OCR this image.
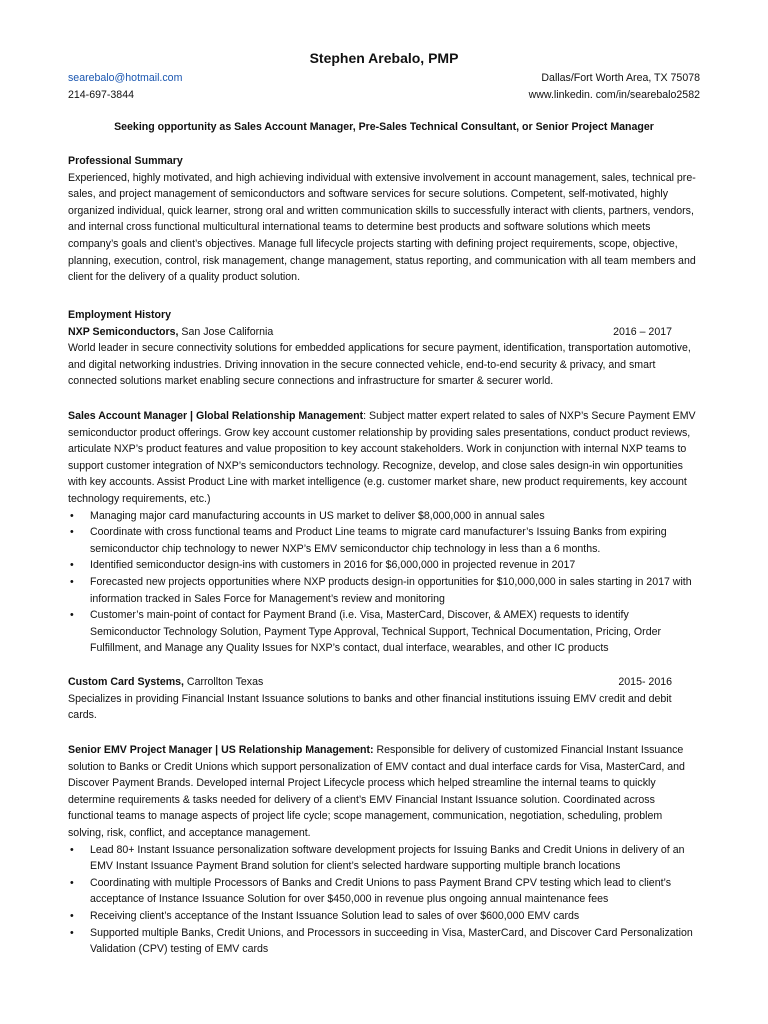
Stephen Arebalo, PMP
searebalo@hotmail.com	Dallas/Fort Worth Area, TX 75078
214-697-3844	www.linkedin. com/in/searebalo2582
Seeking opportunity as Sales Account Manager, Pre-Sales Technical Consultant, or Senior Project Manager
Professional Summary

Experienced, highly motivated, and high achieving individual with extensive involvement in account management, sales, technical pre-sales, and project management of semiconductors and software services for secure solutions. Competent, self-motivated, highly organized individual, quick learner, strong oral and written communication skills to successfully interact with clients, partners, vendors, and internal cross functional multicultural international teams to determine best products and software solutions which meets company’s goals and client’s objectives. Manage full lifecycle projects starting with defining project requirements, scope, objective, planning, execution, control, risk management, change management, status reporting, and communication with all team members and client for the delivery of a quality product solution.

Employment History
NXP Semiconductors, San Jose California	2016 – 2017

World leader in secure connectivity solutions for embedded applications for secure payment, identification, transportation automotive, and digital networking industries. Driving innovation in the secure connected vehicle, end-to-end security & privacy, and smart connected solutions market enabling secure connections and infrastructure for smarter & securer world.

Sales Account Manager | Global Relationship Management: Subject matter expert related to sales of NXP’s Secure Payment EMV semiconductor product offerings. Grow key account customer relationship by providing sales presentations, conduct product reviews, articulate NXP’s product features and value proposition to key account stakeholders. Work in conjunction with internal NXP teams to support customer integration of NXP’s semiconductors technology. Recognize, develop, and close sales design-in win opportunities with key accounts. Assist Product Line with market intelligence (e.g. customer market share, new product requirements, key account technology requirements, etc.)

• Managing major card manufacturing accounts in US market to deliver $8,000,000 in annual sales
• Coordinate with cross functional teams and Product Line teams to migrate card manufacturer’s Issuing Banks from expiring semiconductor chip technology to newer NXP’s EMV semiconductor chip technology in less than a 6 months.
• Identified semiconductor design-ins with customers in 2016 for $6,000,000 in projected revenue in 2017
• Forecasted new projects opportunities where NXP products design-in opportunities for $10,000,000 in sales starting in 2017 with information tracked in Sales Force for Management’s review and monitoring
• Customer’s main-point of contact for Payment Brand (i.e. Visa, MasterCard, Discover, & AMEX) requests to identify Semiconductor Technology Solution, Payment Type Approval, Technical Support, Technical Documentation, Pricing, Order Fulfillment, and Manage any Quality Issues for NXP’s contact, dual interface, wearables, and other IC products
Custom Card Systems, Carrollton Texas	2015- 2016

Specializes in providing Financial Instant Issuance solutions to banks and other financial institutions issuing EMV credit and debit cards.

Senior EMV Project Manager | US Relationship Management: Responsible for delivery of customized Financial Instant Issuance solution to Banks or Credit Unions which support personalization of EMV contact and dual interface cards for Visa, MasterCard, and Discover Payment Brands. Developed internal Project Lifecycle process which helped streamline the internal teams to quickly determine requirements & tasks needed for delivery of a client’s EMV Financial Instant Issuance solution. Coordinated across functional teams to manage aspects of project life cycle; scope management, communication, negotiation, scheduling, problem solving, risk, conflict, and acceptance management.

• Lead 80+ Instant Issuance personalization software development projects for Issuing Banks and Credit Unions in delivery of an EMV Instant Issuance Payment Brand solution for client’s selected hardware supporting multiple branch locations
• Coordinating with multiple Processors of Banks and Credit Unions to pass Payment Brand CPV testing which lead to client’s acceptance of Instance Issuance Solution for over $450,000 in revenue plus ongoing annual maintenance fees
• Receiving client’s acceptance of the Instant Issuance Solution lead to sales of over $600,000 EMV cards
• Supported multiple Banks, Credit Unions, and Processors in succeeding in Visa, MasterCard, and Discover Card Personalization Validation (CPV) testing of EMV cards
